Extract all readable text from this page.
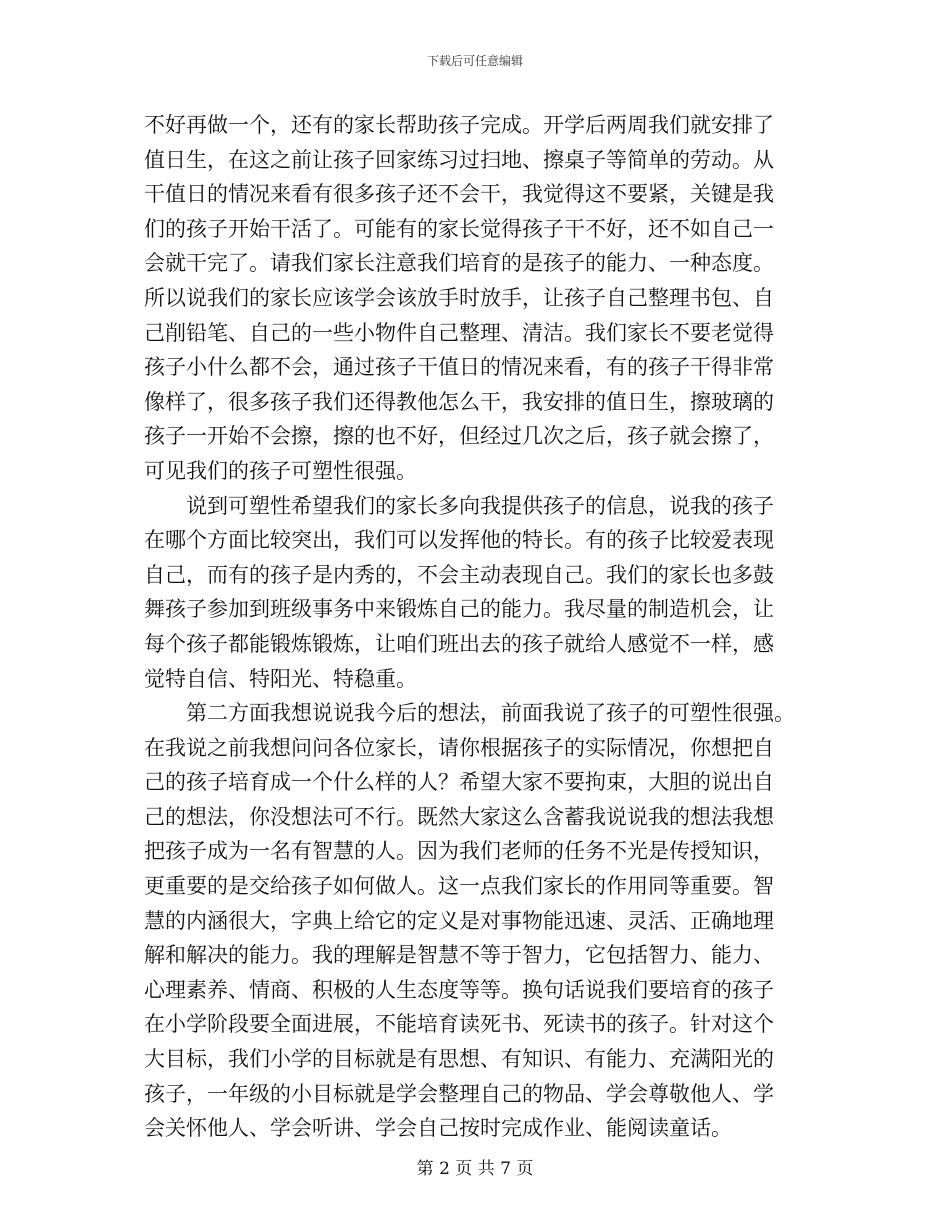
下载后可任意编辑
不好再做一个，还有的家长帮助孩子完成。开学后两周我们就安排了
值日生，在这之前让孩子回家练习过扫地、擦桌子等简单的劳动。从
干值日的情况来看有很多孩子还不会干，我觉得这不要紧，关键是我
们的孩子开始干活了。可能有的家长觉得孩子干不好，还不如自己一
会就干完了。请我们家长注意我们培育的是孩子的能力、一种态度。
所以说我们的家长应该学会该放手时放手，让孩子自己整理书包、自
己削铅笔、自己的一些小物件自己整理、清洁。我们家长不要老觉得
孩子小什么都不会，通过孩子干值日的情况来看，有的孩子干得非常
像样了，很多孩子我们还得教他怎么干，我安排的值日生，擦玻璃的
孩子一开始不会擦，擦的也不好，但经过几次之后，孩子就会擦了，
可见我们的孩子可塑性很强。
说到可塑性希望我们的家长多向我提供孩子的信息，说我的孩子
在哪个方面比较突出，我们可以发挥他的特长。有的孩子比较爱表现
自己，而有的孩子是内秀的，不会主动表现自己。我们的家长也多鼓
舞孩子参加到班级事务中来锻炼自己的能力。我尽量的制造机会，让
每个孩子都能锻炼锻炼，让咱们班出去的孩子就给人感觉不一样，感
觉特自信、特阳光、特稳重。
第二方面我想说说我今后的想法，前面我说了孩子的可塑性很强。
在我说之前我想问问各位家长，请你根据孩子的实际情况，你想把自
己的孩子培育成一个什么样的人？希望大家不要拘束，大胆的说出自
己的想法，你没想法可不行。既然大家这么含蓄我说说我的想法我想
把孩子成为一名有智慧的人。因为我们老师的任务不光是传授知识，
更重要的是交给孩子如何做人。这一点我们家长的作用同等重要。智
慧的内涵很大，字典上给它的定义是对事物能迅速、灵活、正确地理
解和解决的能力。我的理解是智慧不等于智力，它包括智力、能力、
心理素养、情商、积极的人生态度等等。换句话说我们要培育的孩子
在小学阶段要全面进展，不能培育读死书、死读书的孩子。针对这个
大目标，我们小学的目标就是有思想、有知识、有能力、充满阳光的
孩子，一年级的小目标就是学会整理自己的物品、学会尊敬他人、学
会关怀他人、学会听讲、学会自己按时完成作业、能阅读童话。
第 2 页 共 7 页
